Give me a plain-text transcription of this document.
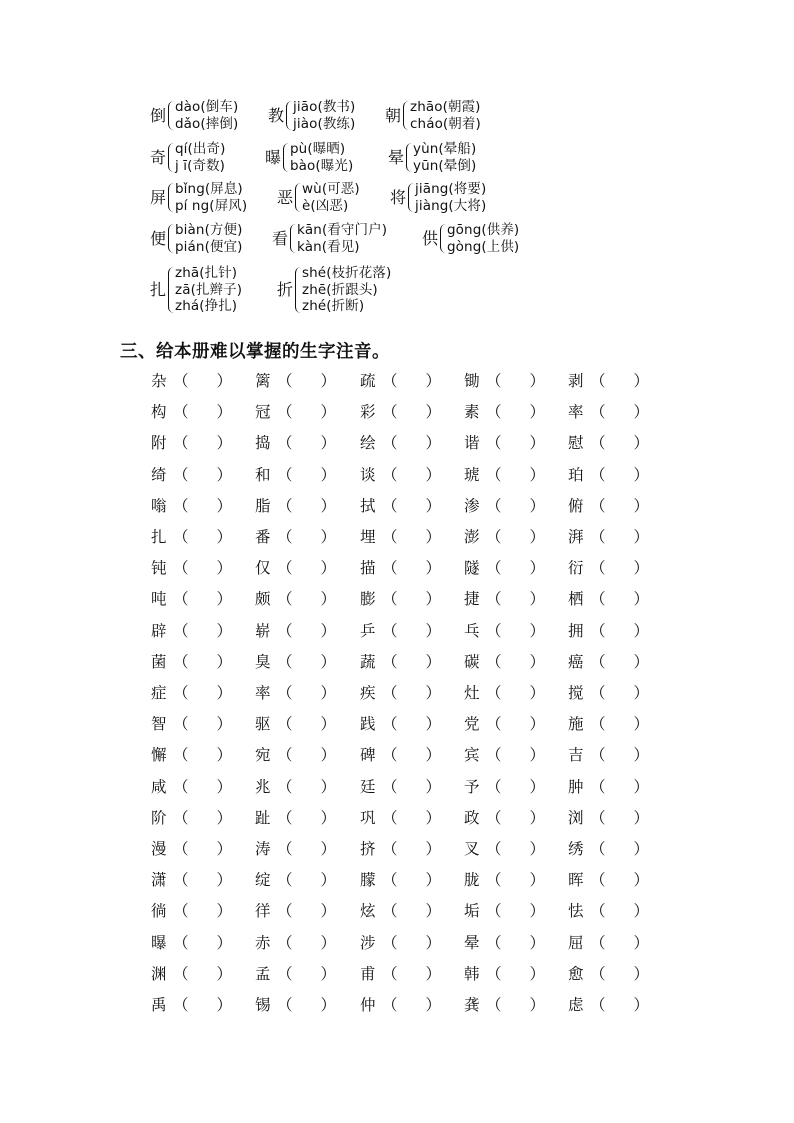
倒 dào(倒车)
dǎo(摔倒) 教 jiāo(教书)
jiào(教练) 朝 zhāo(朝霞)
cháo(朝着)
奇 qí(出奇)
j ī(奇数) 曝 pù(曝晒)
bào(曝光) 晕 yùn(晕船)
yūn(晕倒)
屏 bǐng(屏息)
pí ng(屏风) 恶 wù(可恶)
è(凶恶)	将 jiāng(将要)
jiàng(大将)
便 biàn(方便)
pián(便宜) 看 kān(看守门户)
kàn(看见)	供 gōng(供养)
gòng(上供)
扎
zhā(扎针)
zā(扎辫子)
zhá(挣扎)
折
shé(枝折花落)
zhē(折跟头)
zhé(折断)
三、给本册难以掌握的生字注音。
杂 （ ） 篱 （ ） 疏 （ ） 锄 （ ） 剥 （ ）
构 （ ） 冠 （ ） 彩 （ ） 素 （ ） 率 （ ）
附 （ ） 捣 （ ） 绘 （ ） 谐 （ ） 慰 （ ）
绮 （ ） 和 （ ） 谈 （ ） 琥 （ ） 珀 （ ）
嗡 （ ） 脂 （ ） 拭 （ ） 渗 （ ） 俯 （ ）
扎 （ ） 番 （ ） 埋 （ ） 澎 （ ） 湃 （ ）
钝 （ ） 仅 （ ） 描 （ ） 隧 （ ） 衍 （ ）
吨 （ ） 颇 （ ） 膨 （ ） 捷 （ ） 栖 （ ）
辟 （ ） 崭 （ ） 乒 （ ） 乓 （ ） 拥 （ ）
菌 （ ） 臭 （ ） 蔬 （ ） 碳 （ ） 癌 （ ）
症 （ ） 率 （ ） 疾 （ ） 灶 （ ） 搅 （ ）
智 （ ） 驱 （ ） 践 （ ） 党 （ ） 施 （ ）
懈 （ ） 宛 （ ） 碑 （ ） 宾 （ ） 吉 （ ）
咸 （ ） 兆 （ ） 廷 （ ） 予 （ ） 肿 （ ）
阶 （ ） 趾 （ ） 巩 （ ） 政 （ ） 浏 （ ）
漫 （ ） 涛 （ ） 挤 （ ） 叉 （ ） 绣 （ ）
潇 （ ） 绽 （ ） 朦 （ ） 胧 （ ） 晖 （ ）
徜 （ ） 徉 （ ） 炫 （ ） 垢 （ ） 怯 （ ）
曝 （ ） 赤 （ ） 涉 （ ） 晕 （ ） 屈 （ ）
渊 （ ） 孟 （ ） 甫 （ ） 韩 （ ） 愈 （ ）
禹 （ ） 锡 （ ） 仲 （ ） 龚 （ ） 虑 （ ）
